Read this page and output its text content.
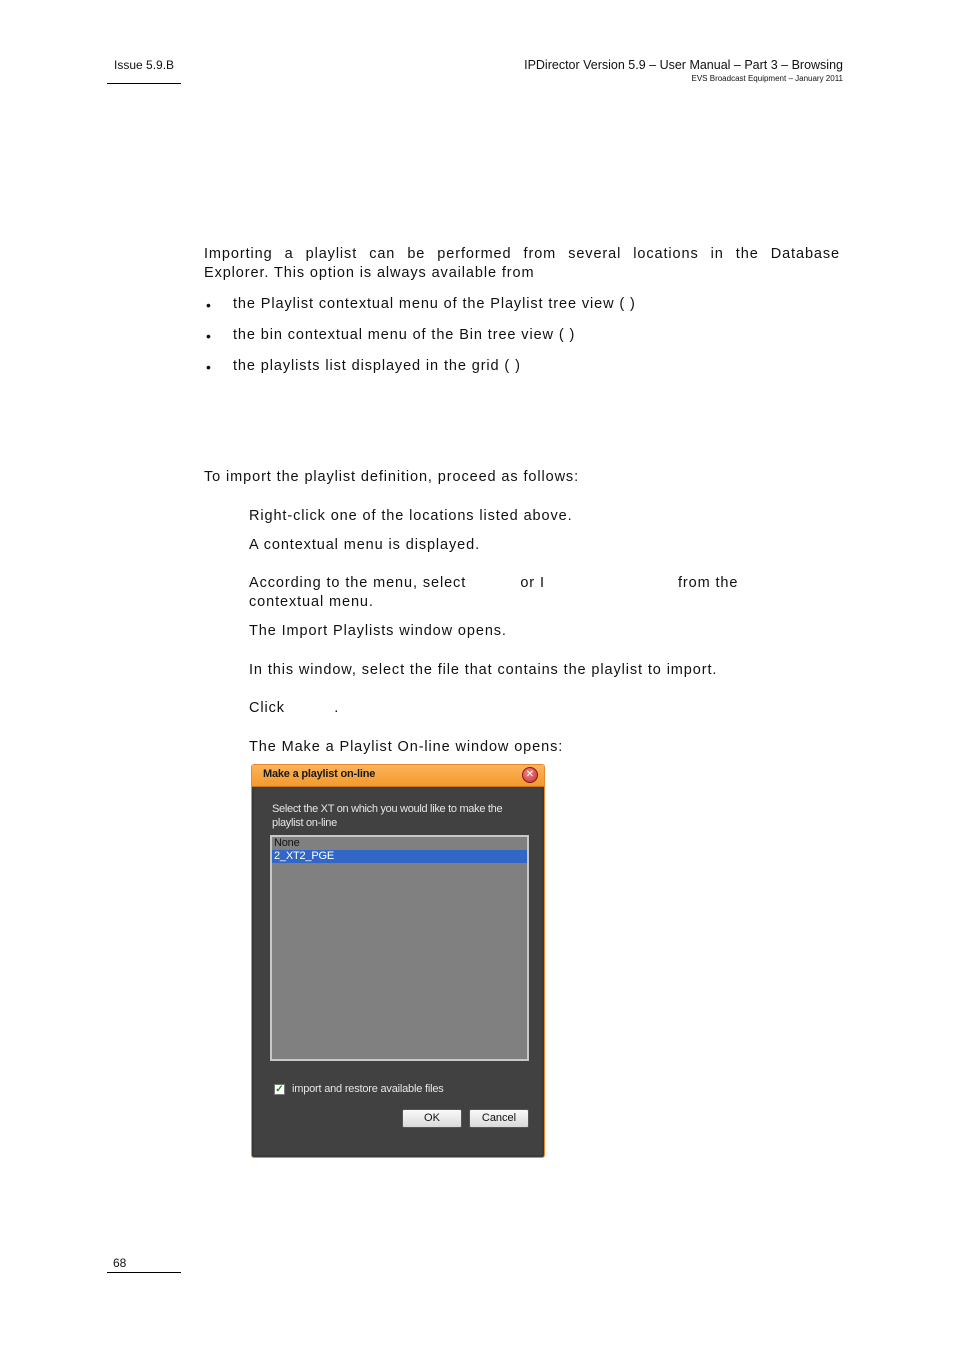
Issue 5.9.B	IPDirector Version 5.9 – User Manual – Part 3 – Browsing
EVS Broadcast Equipment – January 2011
Importing a playlist can be performed from several locations in the Database
Explorer. This option is always available from
• the Playlist contextual menu of the Playlist tree view ( )
• the bin contextual menu of the Bin tree view ( )
• the playlists list displayed in the grid ( )
To import the playlist definition, proceed as follows:
Right-click one of the locations listed above.
A contextual menu is displayed.
According to the menu, select           or I                           from the
contextual menu.
The Import Playlists window opens.
In this window, select the file that contains the playlist to import.
Click          .
The Make a Playlist On-line window opens:
Make a playlist on-line	✕
Select the XT on which you would like to make the playlist on-line
None
2_XT2_PGE
✓ import and restore available files
OK	Cancel
68
